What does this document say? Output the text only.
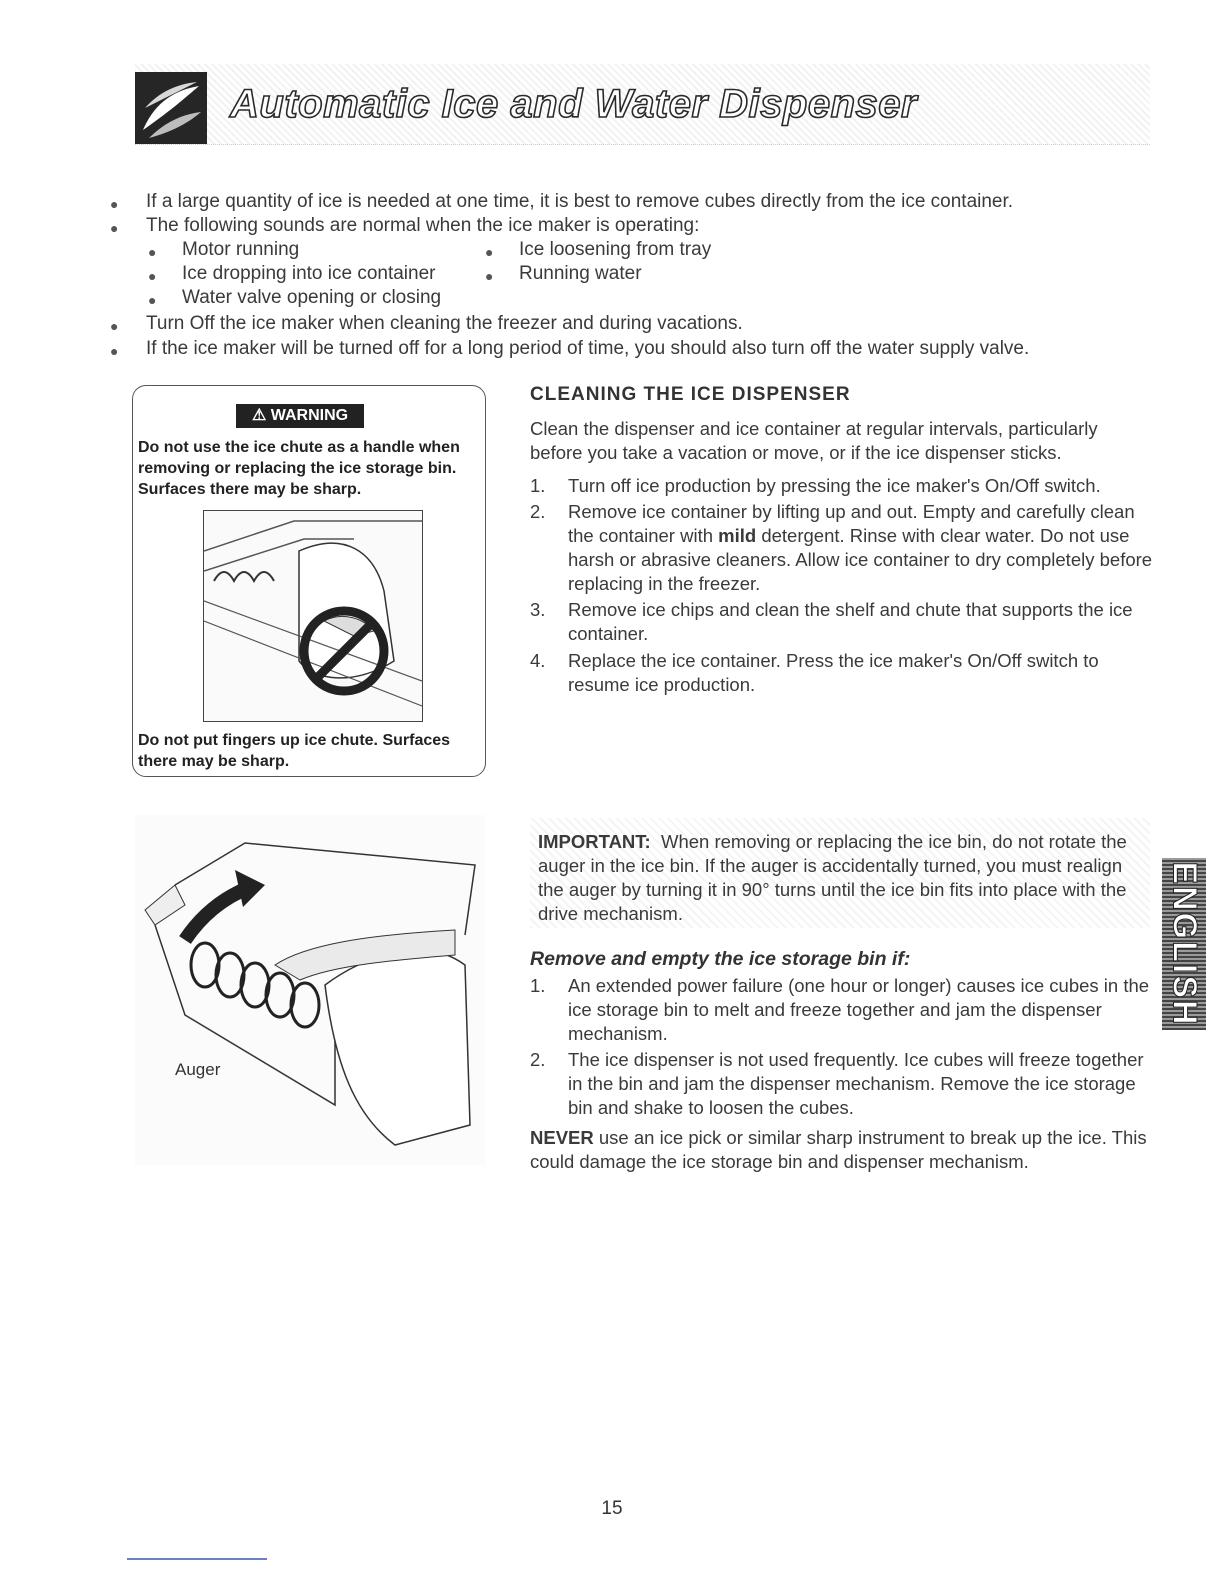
Automatic Ice and Water Dispenser
● If a large quantity of ice is needed at one time, it is best to remove cubes directly from the ice container.
● The following sounds are normal when the ice maker is operating:
● Motor running	● Ice loosening from tray
● Ice dropping into ice container	● Running water
● Water valve opening or closing
● Turn Off the ice maker when cleaning the freezer and during vacations.
● If the ice maker will be turned off for a long period of time, you should also turn off the water supply valve.
⚠ WARNING
Do not use the ice chute as a handle when removing or replacing the ice storage bin. Surfaces there may be sharp.
Do not put fingers up ice chute. Surfaces there may be sharp.
CLEANING THE ICE DISPENSER
Clean the dispenser and ice container at regular intervals, particularly before you take a vacation or move, or if the ice dispenser sticks.
1. Turn off ice production by pressing the ice maker's On/Off switch.
2. Remove ice container by lifting up and out. Empty and carefully clean the container with mild detergent. Rinse with clear water. Do not use harsh or abrasive cleaners. Allow ice container to dry completely before replacing in the freezer.
3. Remove ice chips and clean the shelf and chute that supports the ice container.
4. Replace the ice container. Press the ice maker's On/Off switch to resume ice production.
Auger
IMPORTANT: When removing or replacing the ice bin, do not rotate the auger in the ice bin. If the auger is accidentally turned, you must realign the auger by turning it in 90° turns until the ice bin fits into place with the drive mechanism.
Remove and empty the ice storage bin if:
1. An extended power failure (one hour or longer) causes ice cubes in the ice storage bin to melt and freeze together and jam the dispenser mechanism.
2. The ice dispenser is not used frequently. Ice cubes will freeze together in the bin and jam the dispenser mechanism. Remove the ice storage bin and shake to loosen the cubes.
NEVER use an ice pick or similar sharp instrument to break up the ice. This could damage the ice storage bin and dispenser mechanism.
ENGLISH
15
